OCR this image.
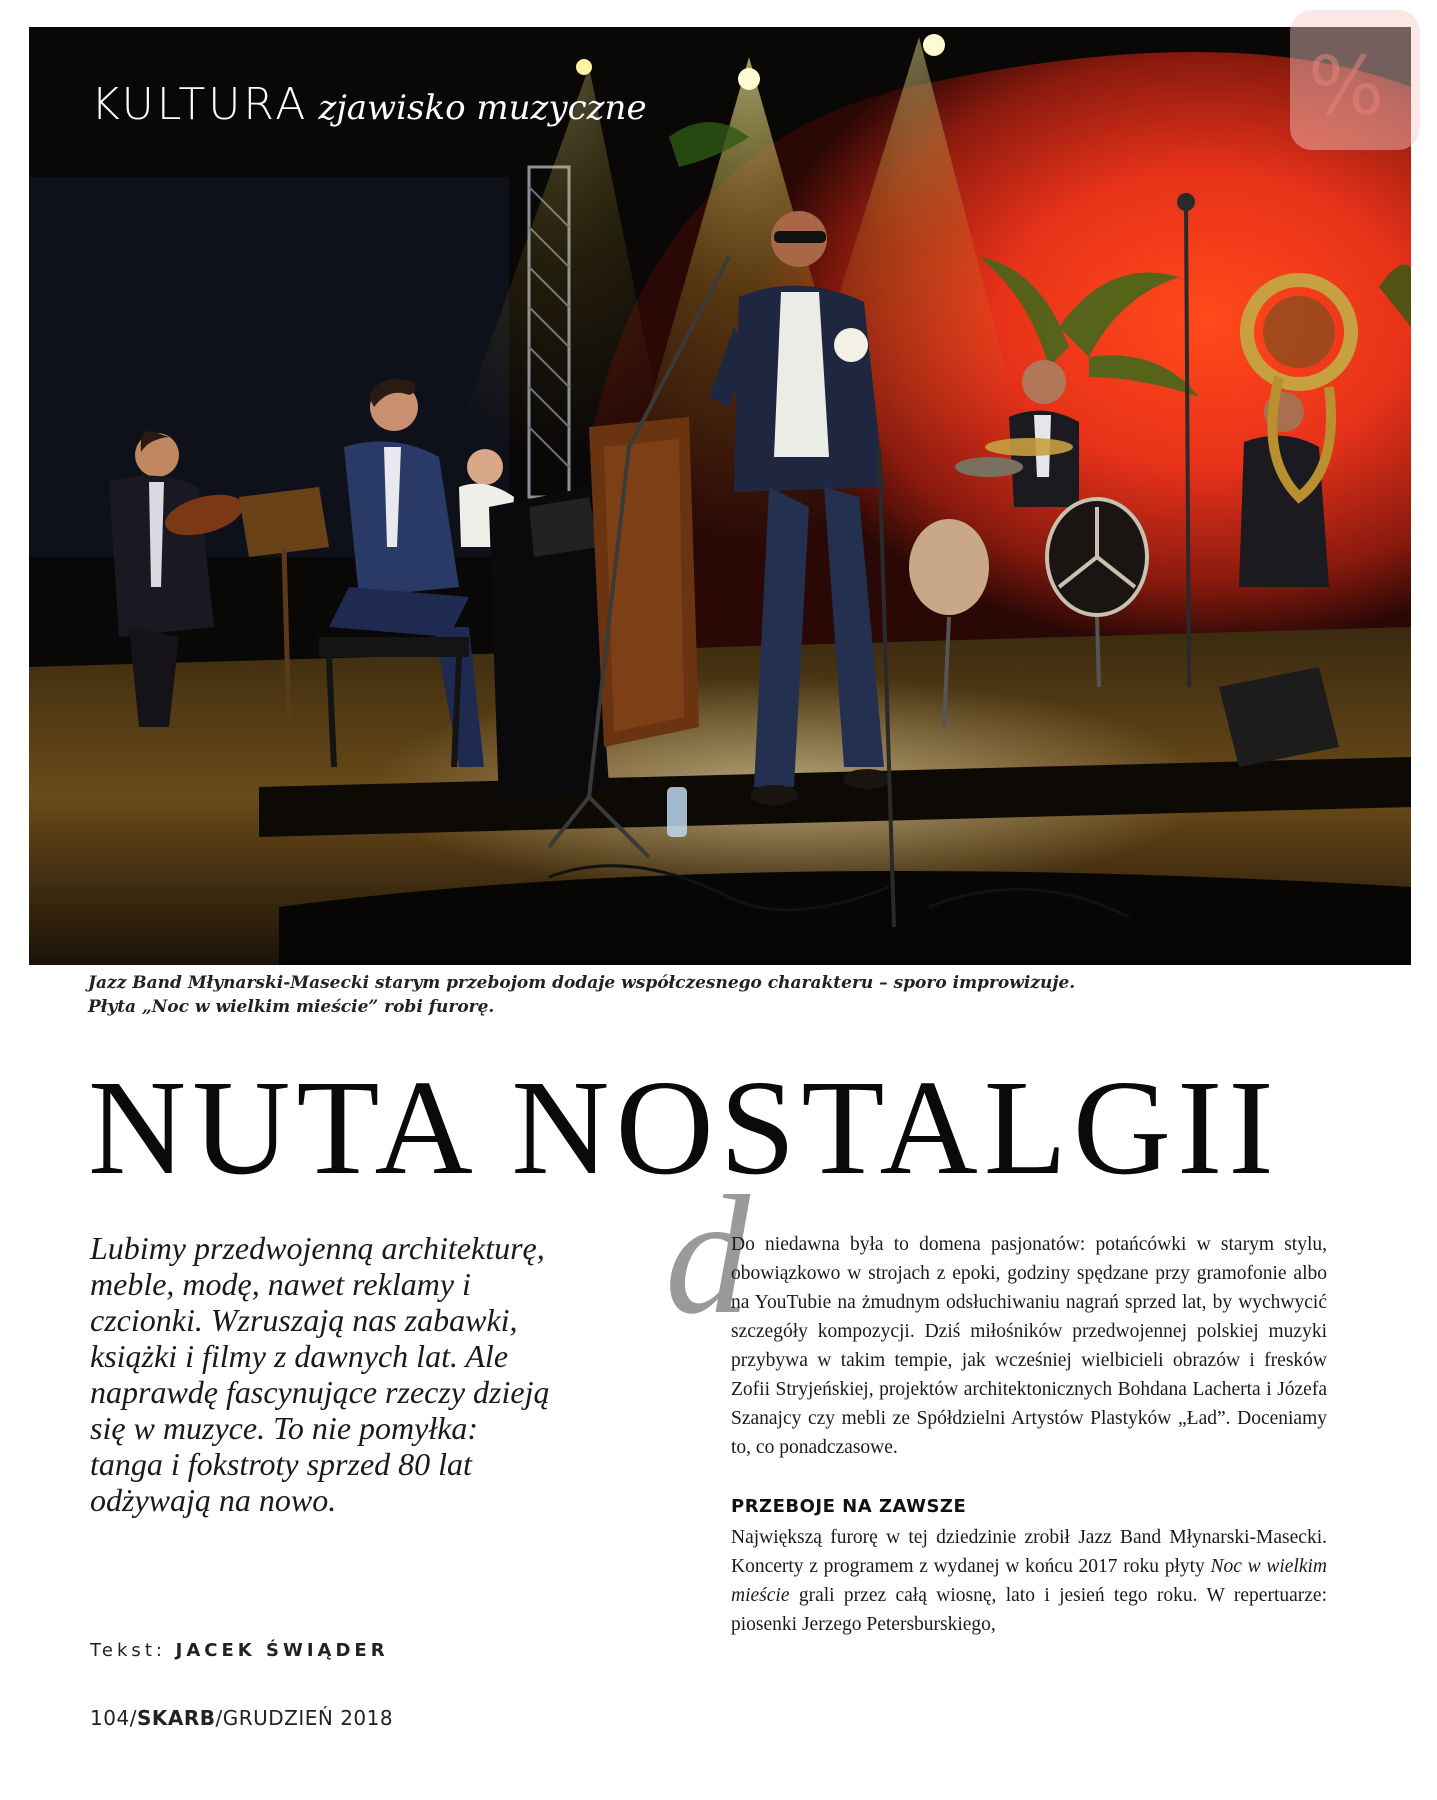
KULTURA zjawisko muzyczne	%
Jazz Band Młynarski-Masecki starym przebojom dodaje współczesnego charakteru – sporo improwizuje.
Płyta „Noc w wielkim mieście” robi furorę.
NUTA NOSTALGII
Lubimy przedwojenną architekturę, meble, modę, nawet reklamy i czcionki. Wzruszają nas zabawki, książki i filmy z dawnych lat. Ale naprawdę fascynujące rzeczy dzieją się w muzyce. To nie pomyłka: tanga i fokstroty sprzed 80 lat odżywają na nowo.
Tekst: JACEK ŚWIĄDER
d

Do niedawna była to domena pasjonatów: potańcówki w starym stylu, obowiązkowo w strojach z epoki, godziny spędzane przy gramofonie albo na YouTubie na żmudnym odsłuchiwaniu nagrań sprzed lat, by wychwycić szczegóły kompozycji. Dziś miłośników przedwojennej polskiej muzyki przybywa w takim tempie, jak wcześniej wielbicieli obrazów i fresków Zofii Stryjeńskiej, projektów architektonicznych Bohdana Lacherta i Józefa Szanajcy czy mebli ze Spółdzielni Artystów Plastyków „Ład”. Doceniamy to, co ponadczasowe.

PRZEBOJE NA ZAWSZE

Największą furorę w tej dziedzinie zrobił Jazz Band Młynarski-Masecki. Koncerty z programem z wydanej w końcu 2017 roku płyty Noc w wielkim mieście grali przez całą wiosnę, lato i jesień tego roku. W repertuarze: piosenki Jerzego Petersburskiego,

104/SKARB/GRUDZIEŃ 2018
